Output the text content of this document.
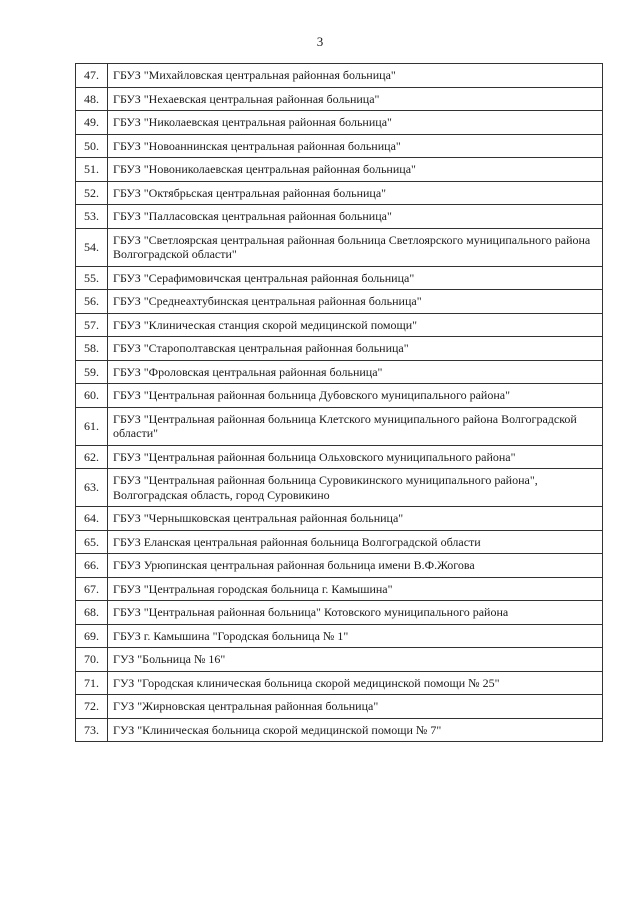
3
47.	ГБУЗ "Михайловская центральная районная больница"
48.	ГБУЗ "Нехаевская центральная районная больница"
49.	ГБУЗ "Николаевская центральная районная больница"
50.	ГБУЗ "Новоаннинская центральная районная больница"
51.	ГБУЗ "Новониколаевская центральная районная больница"
52.	ГБУЗ "Октябрьская центральная районная больница"
53.	ГБУЗ "Палласовская центральная районная больница"
54.	ГБУЗ "Светлоярская центральная районная больница Светлоярского муниципального района Волгоградской области"
55.	ГБУЗ "Серафимовичская центральная районная больница"
56.	ГБУЗ "Среднеахтубинская центральная районная больница"
57.	ГБУЗ "Клиническая станция скорой медицинской помощи"
58.	ГБУЗ "Старополтавская центральная районная больница"
59.	ГБУЗ "Фроловская центральная районная больница"
60.	ГБУЗ "Центральная районная больница Дубовского муниципального района"
61.	ГБУЗ "Центральная районная больница Клетского муниципального района Волгоградской области"
62.	ГБУЗ "Центральная районная больница Ольховского муниципального района"
63.	ГБУЗ "Центральная районная больница Суровикинского муниципального района", Волгоградская область, город Суровикино
64.	ГБУЗ "Чернышковская центральная районная больница"
65.	ГБУЗ Еланская центральная районная больница Волгоградской области
66.	ГБУЗ Урюпинская центральная районная больница имени В.Ф.Жогова
67.	ГБУЗ "Центральная городская больница г. Камышина"
68.	ГБУЗ "Центральная районная больница" Котовского муниципального района
69.	ГБУЗ г. Камышина "Городская больница № 1"
70.	ГУЗ "Больница № 16"
71.	ГУЗ "Городская клиническая больница скорой медицинской помощи № 25"
72.	ГУЗ "Жирновская центральная районная больница"
73.	ГУЗ "Клиническая больница скорой медицинской помощи № 7"
